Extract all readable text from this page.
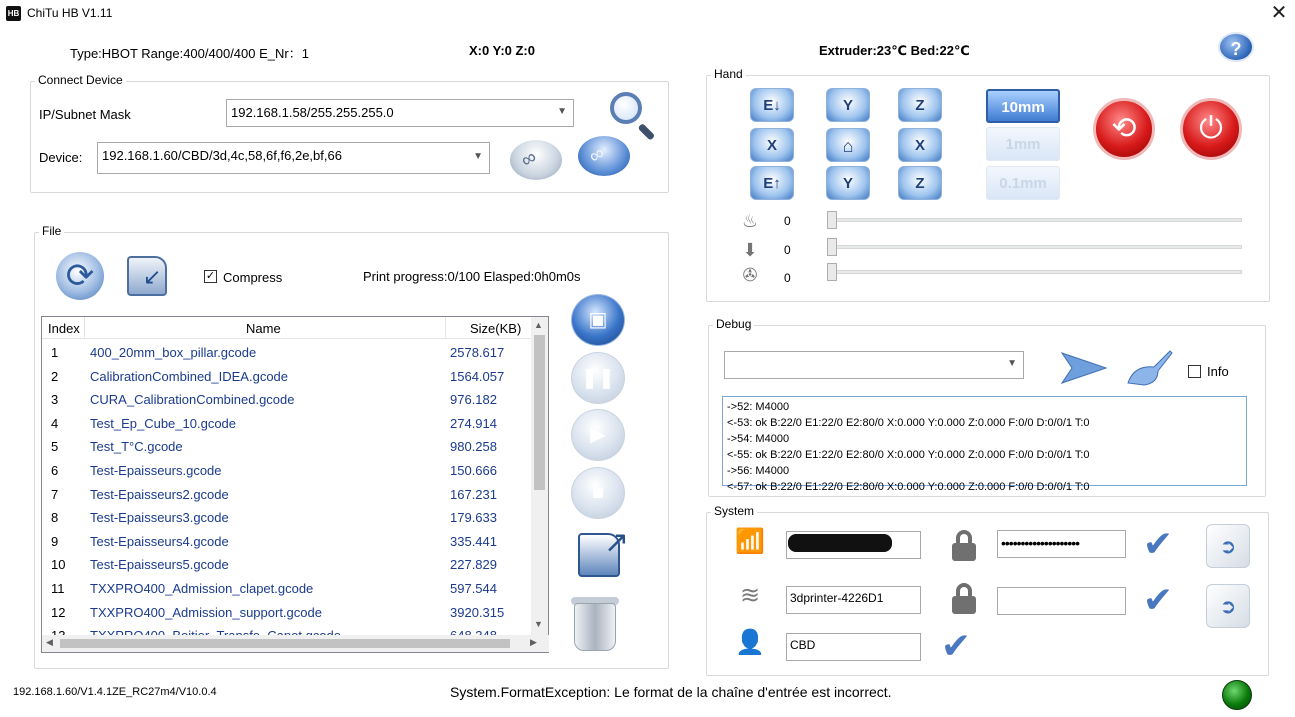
HB ChiTu HB V1.11	✕
Type:HBOT Range:400/400/400 E_Nr：1	X:0 Y:0 Z:0	Extruder:23℃ Bed:22℃	?
Connect Device
IP/Subnet Mask	192.168.1.58/255.255.255.0	▼
Device:	192.168.1.60/CBD/3d,4c,58,6f,f6,2e,bf,66	▼ ∞ ∞
File
⟳	↙	✓ Compress	Print progress:0/100 Elasped:0h0m0s
Index	Name	Size(KB)
1 400_20mm_box_pillar.gcode	2578.617
2 CalibrationCombined_IDEA.gcode	1564.057
3 CURA_CalibrationCombined.gcode	976.182
4 Test_Ep_Cube_10.gcode	274.914
5 Test_T°C.gcode	980.258
6 Test-Epaisseurs.gcode	150.666
7 Test-Epaisseurs2.gcode	167.231
8 Test-Epaisseurs3.gcode	179.633
9 Test-Epaisseurs4.gcode	335.441
10 Test-Epaisseurs5.gcode	227.829
11 TXXPRO400_Admission_clapet.gcode	597.544
12 TXXPRO400_Admission_support.gcode	3920.315
▲
▼
◀	▶
▣
❚❚
▶
■
↗
Hand
E↓	Y	Z
X	⌂	X
E↑	Y	Z
10mm
1mm
0.1mm
⟲	⏻
♨ 0
⬇ 0
✇ 0
Debug
▼
Info
->52: M4000
<-53: ok B:22/0 E1:22/0 E2:80/0 X:0.000 Y:0.000 Z:0.000 F:0/0 D:0/0/1 T:0
->54: M4000
<-55: ok B:22/0 E1:22/0 E2:80/0 X:0.000 Y:0.000 Z:0.000 F:0/0 D:0/0/1 T:0
->56: M4000
<-57: ok B:22/0 E1:22/0 E2:80/0 X:0.000 Y:0.000 Z:0.000 F:0/0 D:0/0/1 T:0
System
📶	••••••••••••••••••••	✔	➲
≋	3dprinter-4226D1	✔	➲
👤	CBD	✔
192.168.1.60/V1.4.1ZE_RC27m4/V10.0.4	System.FormatException: Le format de la chaîne d'entrée est incorrect.
